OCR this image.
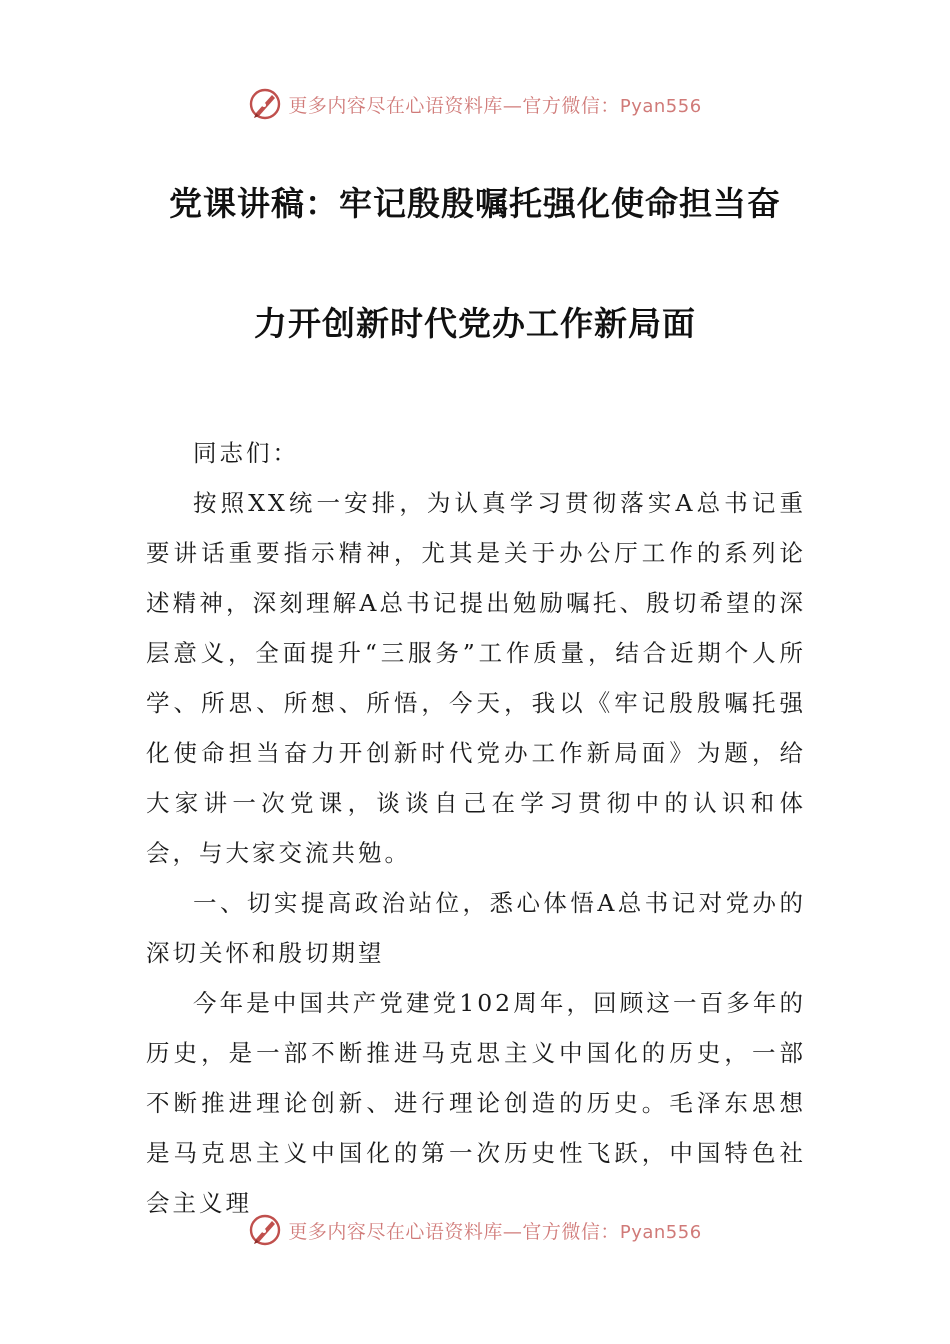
更多内容尽在心语资料库—官方微信：Pyan556
党课讲稿：牢记殷殷嘱托强化使命担当奋
力开创新时代党办工作新局面

同志们：

按照XX统一安排，为认真学习贯彻落实A总书记重要讲话重要指示精神，尤其是关于办公厅工作的系列论述精神，深刻理解A总书记提出勉励嘱托、殷切希望的深层意义，全面提升“三服务”工作质量，结合近期个人所学、所思、所想、所悟，今天，我以《牢记殷殷嘱托强化使命担当奋力开创新时代党办工作新局面》为题，给大家讲一次党课，谈谈自己在学习贯彻中的认识和体会，与大家交流共勉。

一、切实提高政治站位，悉心体悟A总书记对党办的深切关怀和殷切期望

今年是中国共产党建党102周年，回顾这一百多年的历史，是一部不断推进马克思主义中国化的历史，一部不断推进理论创新、进行理论创造的历史。毛泽东思想是马克思主义中国化的第一次历史性飞跃，中国特色社会主义理

更多内容尽在心语资料库—官方微信：Pyan556
